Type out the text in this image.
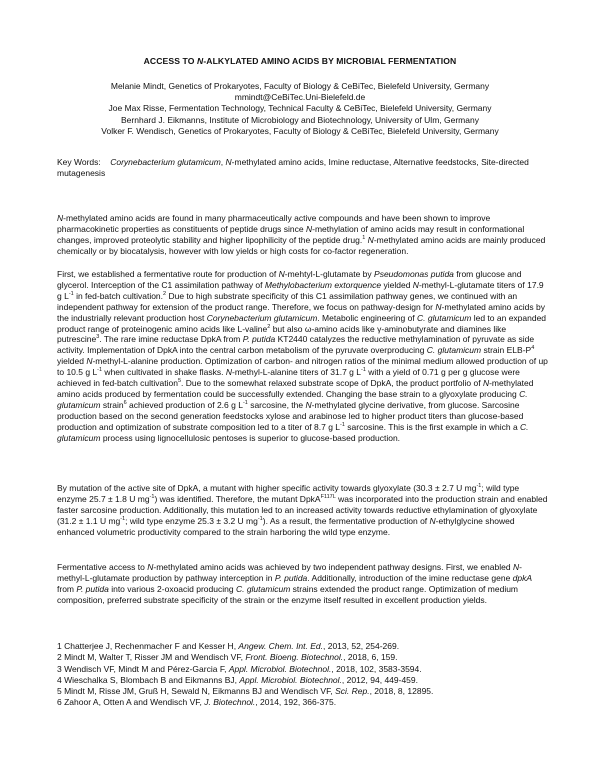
ACCESS TO N-ALKYLATED AMINO ACIDS BY MICROBIAL FERMENTATION
Melanie Mindt, Genetics of Prokaryotes, Faculty of Biology & CeBiTec, Bielefeld University, Germany
mmindt@CeBiTec.Uni-Bielefeld.de
Joe Max Risse, Fermentation Technology, Technical Faculty & CeBiTec, Bielefeld University, Germany
Bernhard J. Eikmanns, Institute of Microbiology and Biotechnology, University of Ulm, Germany
Volker F. Wendisch, Genetics of Prokaryotes, Faculty of Biology & CeBiTec, Bielefeld University, Germany
Key Words: Corynebacterium glutamicum, N-methylated amino acids, Imine reductase, Alternative feedstocks, Site-directed mutagenesis
N-methylated amino acids are found in many pharmaceutically active compounds and have been shown to improve pharmacokinetic properties as constituents of peptide drugs since N-methylation of amino acids may result in conformational changes, improved proteolytic stability and higher lipophilicity of the peptide drug.$^1$ N-methylated amino acids are mainly produced chemically or by biocatalysis, however with low yields or high costs for co-factor regeneration.
First, we established a fermentative route for production of N-mehtyl-L-glutamate by Pseudomonas putida from glucose and glycerol. Interception of the C1 assimilation pathway of Methylobacterium extorquence yielded N-methyl-L-glutamate titers of 17.9 g $L^{-1}$ in fed-batch cultivation.$^2$ Due to high substrate specificity of this C1 assimilation pathway genes, we continued with an independent pathway for extension of the product range. Therefore, we focus on pathway-design for N-methylated amino acids by the industrially relevant production host Corynebacterium glutamicum. Metabolic engineering of C. glutamicum led to an expanded product range of proteinogenic amino acids like L-valine$^2$ but also ω-amino acids like γ-aminobutyrate and diamines like putrescine$^3$. The rare imine reductase DpkA from P. putida KT2440 catalyzes the reductive methylamination of pyruvate as side activity. Implementation of DpkA into the central carbon metabolism of the pyruvate overproducing C. glutamicum strain ELB-$P^4$ yielded N-methyl-L-alanine production. Optimization of carbon- and nitrogen ratios of the minimal medium allowed production of up to 10.5 g $L^{-1}$ when cultivated in shake flasks. N-methyl-L-alanine titers of 31.7 g $L^{-1}$ with a yield of 0.71 g per g glucose were achieved in fed-batch cultivation$^5$. Due to the somewhat relaxed substrate scope of DpkA, the product portfolio of N-methylated amino acids produced by fermentation could be successfully extended. Changing the base strain to a glyoxylate producing C. glutamicum strain$^6$ achieved production of 2.6 g $L^{-1}$ sarcosine, the N-methylated glycine derivative, from glucose. Sarcosine production based on the second generation feedstocks xylose and arabinose led to higher product titers than glucose-based production and optimization of substrate composition led to a titer of 8.7 g $L^{-1}$ sarcosine. This is the first example in which a C. glutamicum process using lignocellulosic pentoses is superior to glucose-based production.
By mutation of the active site of DpkA, a mutant with higher specific activity towards glyoxylate (30.3 ± 2.7 U $mg^{-1}$; wild type enzyme 25.7 ± 1.8 U $mg^{-1}$) was identified. Therefore, the mutant DpkA$^{F117L}$ was incorporated into the production strain and enabled faster sarcosine production. Additionally, this mutation led to an increased activity towards reductive ethylamination of glyoxylate (31.2 ± 1.1 U $mg^{-1}$; wild type enzyme 25.3 ± 3.2 U $mg^{-1}$). As a result, the fermentative production of N-ethylglycine showed enhanced volumetric productivity compared to the strain harboring the wild type enzyme.
Fermentative access to N-methylated amino acids was achieved by two independent pathway designs. First, we enabled N-methyl-L-glutamate production by pathway interception in P. putida. Additionally, introduction of the imine reductase gene dpkA from P. putida into various 2-oxoacid producing C. glutamicum strains extended the product range. Optimization of medium composition, preferred substrate specificity of the strain or the enzyme itself resulted in excellent production yields.
1 Chatterjee J, Rechenmacher F and Kesser H, Angew. Chem. Int. Ed., 2013, 52, 254-269.
2 Mindt M, Walter T, Risser JM and Wendisch VF, Front. Bioeng. Biotechnol., 2018, 6, 159.
3 Wendisch VF, Mindt M and Pérez-Garcia F, Appl. Microbiol. Biotechnol., 2018, 102, 3583-3594.
4 Wieschalka S, Blombach B and Eikmanns BJ, Appl. Microbiol. Biotechnol., 2012, 94, 449-459.
5 Mindt M, Risse JM, Gruß H, Sewald N, Eikmanns BJ and Wendisch VF, Sci. Rep., 2018, 8, 12895.
6 Zahoor A, Otten A and Wendisch VF, J. Biotechnol., 2014, 192, 366-375.
